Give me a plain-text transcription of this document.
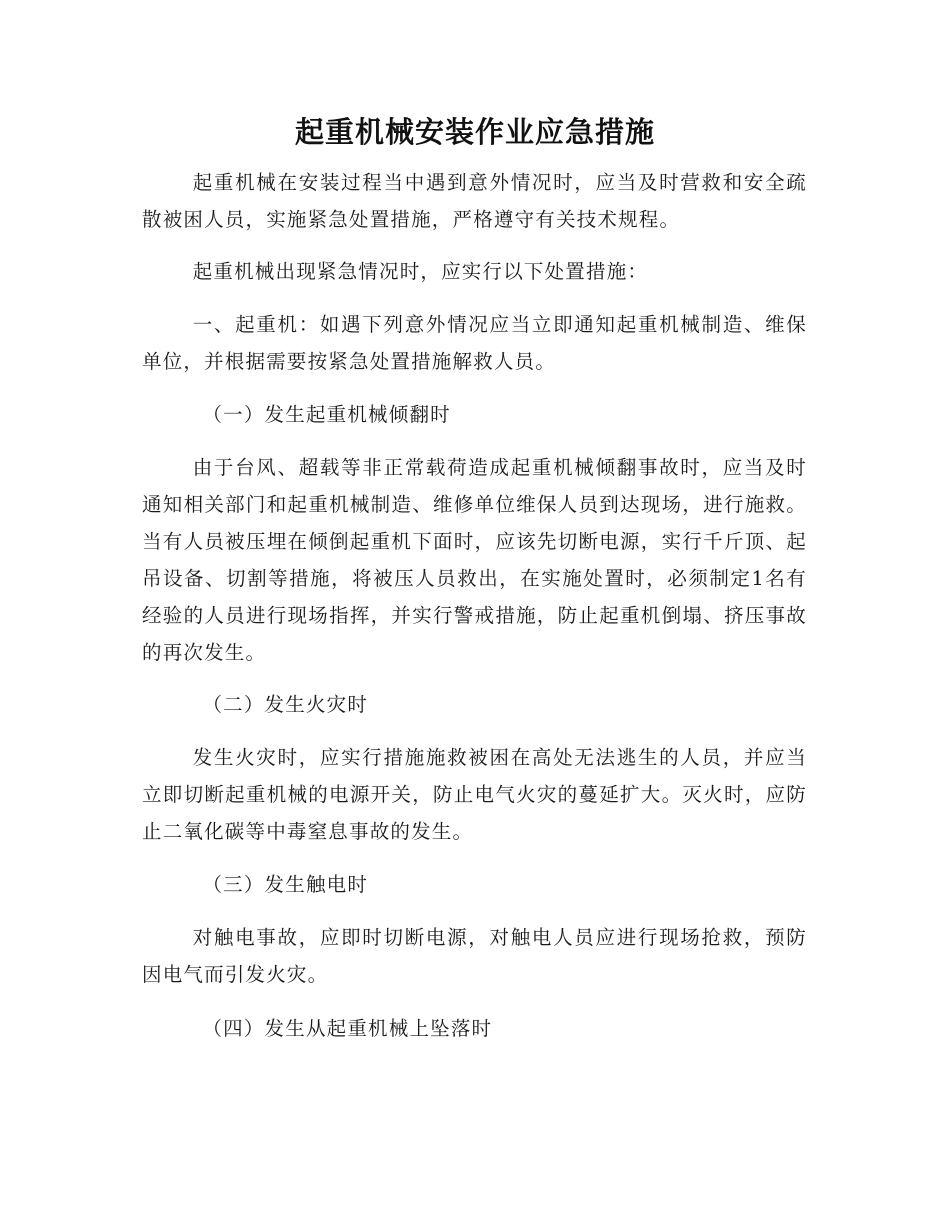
起重机械安装作业应急措施

起重机械在安装过程当中遇到意外情况时，应当及时营救和安全疏散被困人员，实施紧急处置措施，严格遵守有关技术规程。

起重机械出现紧急情况时，应实行以下处置措施：

一、起重机：如遇下列意外情况应当立即通知起重机械制造、维保单位，并根据需要按紧急处置措施解救人员。

（一）发生起重机械倾翻时

由于台风、超载等非正常载荷造成起重机械倾翻事故时，应当及时通知相关部门和起重机械制造、维修单位维保人员到达现场，进行施救。当有人员被压埋在倾倒起重机下面时，应该先切断电源，实行千斤顶、起吊设备、切割等措施，将被压人员救出，在实施处置时，必须制定1名有经验的人员进行现场指挥，并实行警戒措施，防止起重机倒塌、挤压事故的再次发生。

（二）发生火灾时

发生火灾时，应实行措施施救被困在高处无法逃生的人员，并应当立即切断起重机械的电源开关，防止电气火灾的蔓延扩大。灭火时，应防止二氧化碳等中毒窒息事故的发生。

（三）发生触电时

对触电事故，应即时切断电源，对触电人员应进行现场抢救，预防因电气而引发火灾。

（四）发生从起重机械上坠落时
